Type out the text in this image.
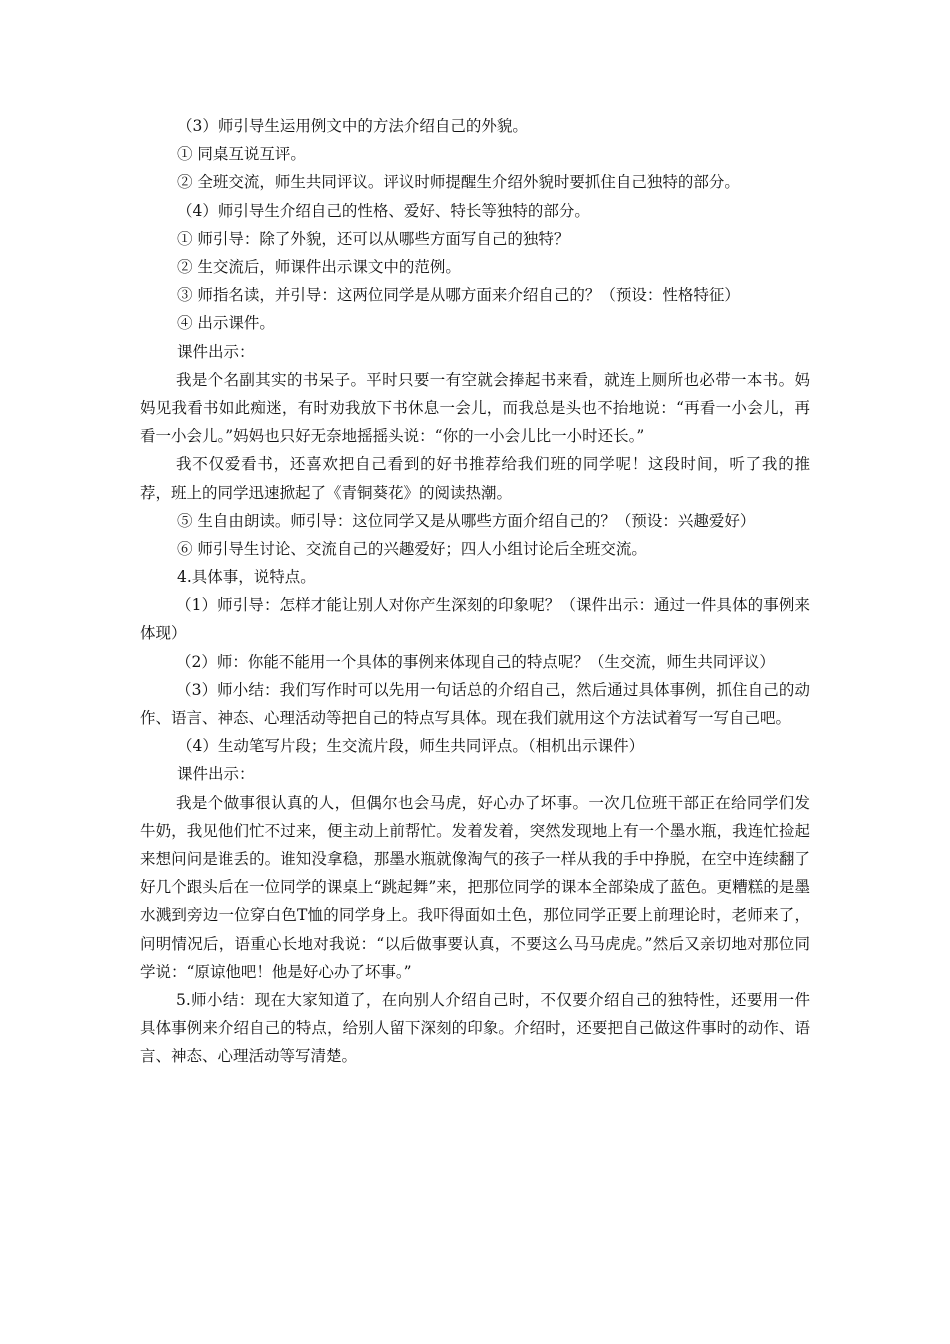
（3）师引导生运用例文中的方法介绍自己的外貌。
① 同桌互说互评。
② 全班交流，师生共同评议。评议时师提醒生介绍外貌时要抓住自己独特的部分。
（4）师引导生介绍自己的性格、爱好、特长等独特的部分。
① 师引导：除了外貌，还可以从哪些方面写自己的独特？
② 生交流后，师课件出示课文中的范例。
③ 师指名读，并引导：这两位同学是从哪方面来介绍自己的？（预设：性格特征）
④ 出示课件。
课件出示：
我是个名副其实的书呆子。平时只要一有空就会捧起书来看，就连上厕所也必带一本书。妈妈见我看书如此痴迷，有时劝我放下书休息一会儿，而我总是头也不抬地说：“再看一小会儿，再看一小会儿。”妈妈也只好无奈地摇摇头说：“你的一小会儿比一小时还长。”
我不仅爱看书，还喜欢把自己看到的好书推荐给我们班的同学呢！这段时间，听了我的推荐，班上的同学迅速掀起了《青铜葵花》的阅读热潮。
⑤ 生自由朗读。师引导：这位同学又是从哪些方面介绍自己的？（预设：兴趣爱好）
⑥ 师引导生讨论、交流自己的兴趣爱好；四人小组讨论后全班交流。
4.具体事，说特点。
（1）师引导：怎样才能让别人对你产生深刻的印象呢？（课件出示：通过一件具体的事例来体现）
（2）师：你能不能用一个具体的事例来体现自己的特点呢？（生交流，师生共同评议）
（3）师小结：我们写作时可以先用一句话总的介绍自己，然后通过具体事例，抓住自己的动作、语言、神态、心理活动等把自己的特点写具体。现在我们就用这个方法试着写一写自己吧。
（4）生动笔写片段；生交流片段，师生共同评点。（相机出示课件）
课件出示：
我是个做事很认真的人，但偶尔也会马虎，好心办了坏事。一次几位班干部正在给同学们发牛奶，我见他们忙不过来，便主动上前帮忙。发着发着，突然发现地上有一个墨水瓶，我连忙捡起来想问问是谁丢的。谁知没拿稳，那墨水瓶就像淘气的孩子一样从我的手中挣脱，在空中连续翻了好几个跟头后在一位同学的课桌上“跳起舞”来，把那位同学的课本全部染成了蓝色。更糟糕的是墨水溅到旁边一位穿白色T恤的同学身上。我吓得面如土色，那位同学正要上前理论时，老师来了，问明情况后，语重心长地对我说：“以后做事要认真，不要这么马马虎虎。”然后又亲切地对那位同学说：“原谅他吧！他是好心办了坏事。”
5.师小结：现在大家知道了，在向别人介绍自己时，不仅要介绍自己的独特性，还要用一件具体事例来介绍自己的特点，给别人留下深刻的印象。介绍时，还要把自己做这件事时的动作、语言、神态、心理活动等写清楚。
